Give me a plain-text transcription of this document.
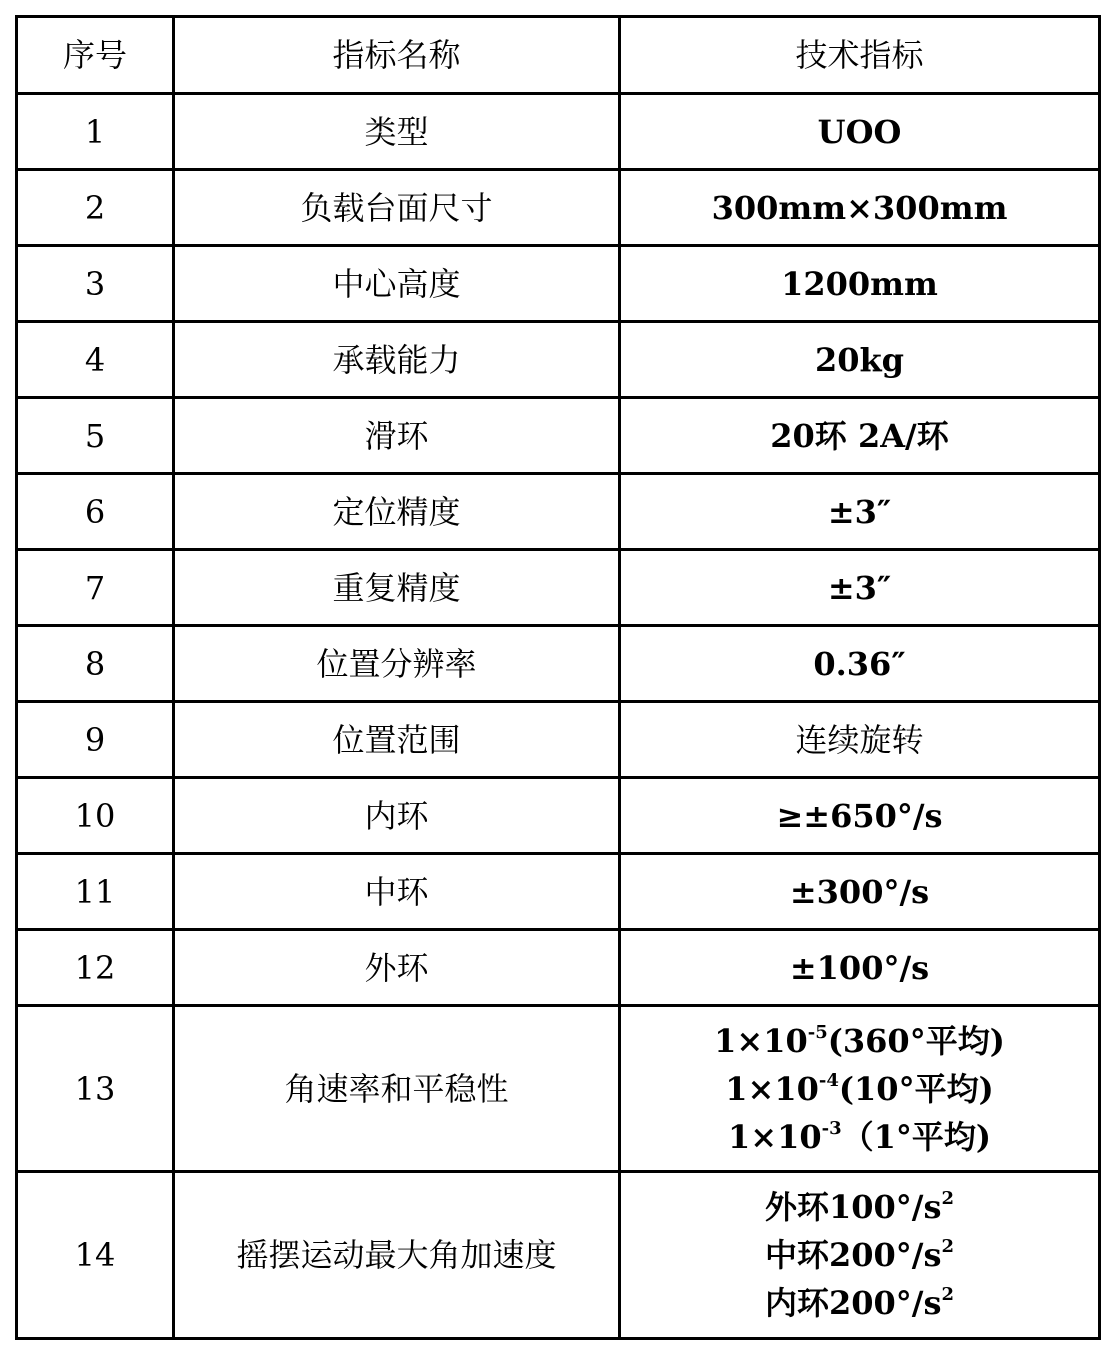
序号	指标名称	技术指标
1	类型	UOO
2	负载台面尺寸	300mm×300mm
3	中心高度	1200mm
4	承载能力	20kg
5	滑环	20环 2A/环
6	定位精度	±3″
7	重复精度	±3″
8	位置分辨率	0.36″
9	位置范围	连续旋转
10	内环	≥±650°/s
11	中环	±300°/s
12	外环	±100°/s
13	角速率和平稳性	$1\times 10^{-5}(360^\circ$平均)
$1\times 10^{-4}(10^\circ$平均)
$1\times 10^{-3}(1^\circ$平均)

14	摇摆运动最大角加速度	外环$100^\circ/s^2$
中环$200^\circ/s^2$
内环$200^\circ/s^2$
